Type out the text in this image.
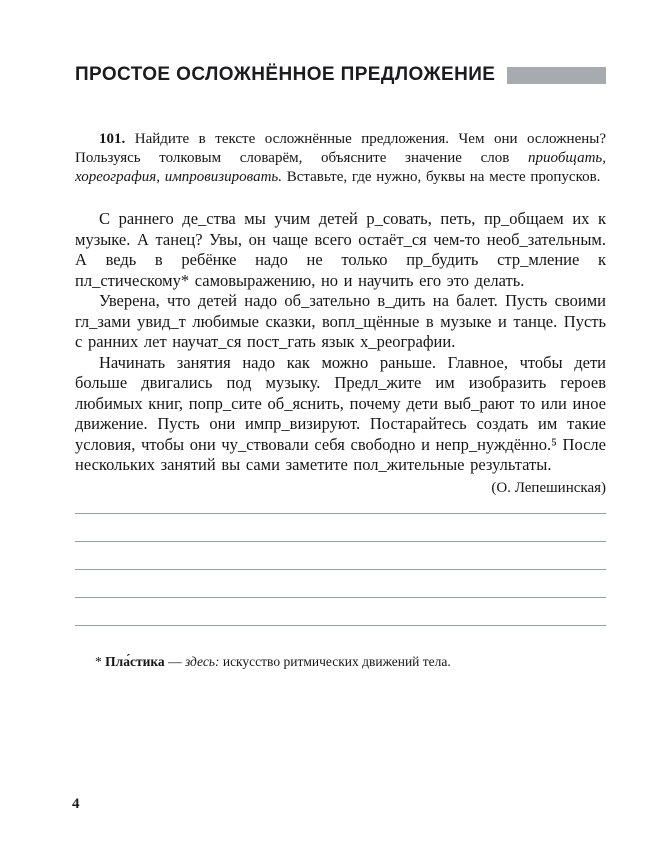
ПРОСТОЕ ОСЛОЖНЁННОЕ ПРЕДЛОЖЕНИЕ

101. Найдите в тексте осложнённые предложения. Чем они осложнены? Пользуясь толковым словарём, объясните значение слов приобщать, хореография, импровизировать. Вставьте, где нужно, буквы на месте пропусков.

С раннего де_ства мы учим детей р_совать, петь, пр_общаем их к музыке. А танец? Увы, он чаще всего остаёт_ся чем-то необ_зательным. А ведь в ребёнке надо не только пр_будить стр_мление к пл_стическому* самовыражению, но и научить его это делать.

Уверена, что детей надо об_зательно в_дить на балет. Пусть своими гл_зами увид_т любимые сказки, вопл_щённые в музыке и танце. Пусть с ранних лет научат_ся пост_гать язык х_реографии.

Начинать занятия надо как можно раньше. Главное, чтобы дети больше двигались под музыку. Предл_жите им изобразить героев любимых книг, попр_сите об_яснить, почему дети выб_рают то или иное движение. Пусть они импр_визируют. Постарайтесь создать им такие условия, чтобы они чу_ствовали себя свободно и непр_нуждённо.⁵ После нескольких занятий вы сами заметите пол_жительные результаты.

(О. Лепешинская)

* Пла́стика — здесь: искусство ритмических движений тела.

4
